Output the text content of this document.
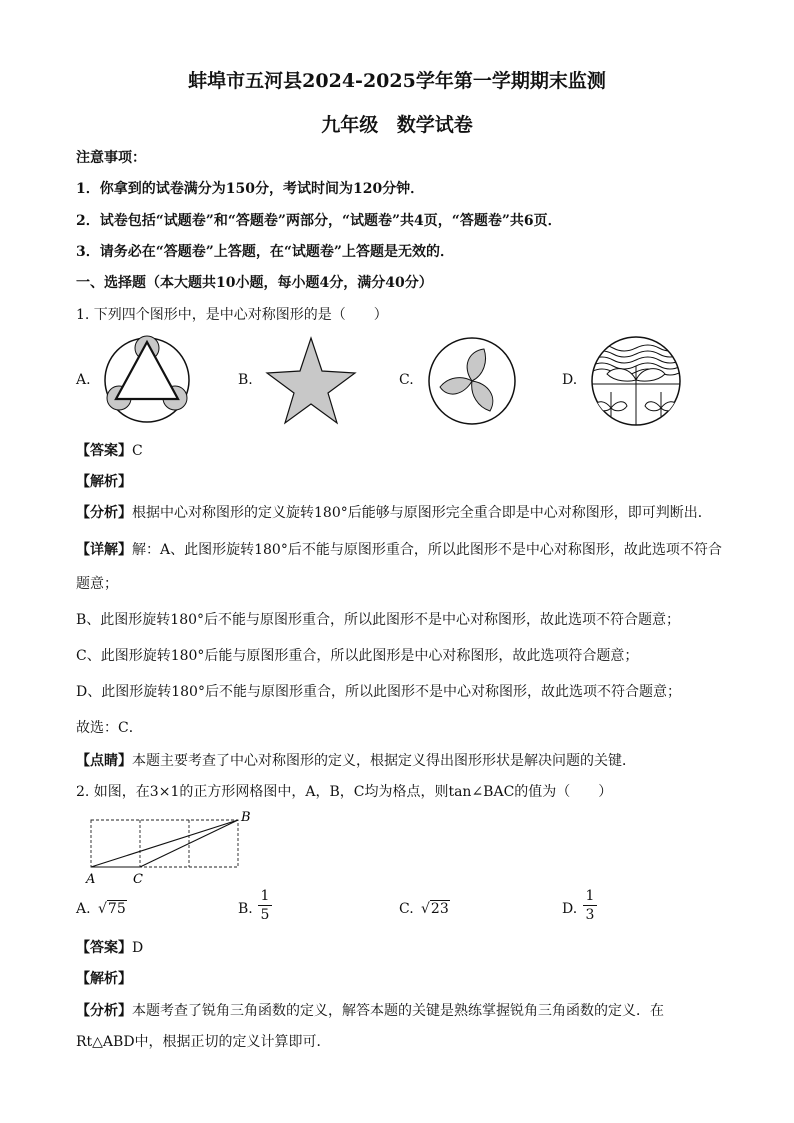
蚌埠市五河县2024-2025学年第一学期期末监测
九年级 数学试卷
注意事项：
1．你拿到的试卷满分为150分，考试时间为120分钟．
2．试卷包括“试题卷”和“答题卷”两部分，“试题卷”共4页，“答题卷”共6页．
3．请务必在“答题卷”上答题，在“试题卷”上答题是无效的．
一、选择题（本大题共10小题，每小题4分，满分40分）
1. 下列四个图形中，是中心对称图形的是（　　）
A.	B.	C.	D.
【答案】C
【解析】
【分析】根据中心对称图形的定义旋转180°后能够与原图形完全重合即是中心对称图形，即可判断出．
【详解】解：A、此图形旋转180°后不能与原图形重合，所以此图形不是中心对称图形，故此选项不符合
题意；
B、此图形旋转180°后不能与原图形重合，所以此图形不是中心对称图形，故此选项不符合题意；
C、此图形旋转180°后能与原图形重合，所以此图形是中心对称图形，故此选项符合题意；
D、此图形旋转180°后不能与原图形重合，所以此图形不是中心对称图形，故此选项不符合题意；
故选：C．
【点睛】本题主要考查了中心对称图形的定义，根据定义得出图形形状是解决问题的关键．
2. 如图，在3×1的正方形网格图中，A，B，C均为格点，则tan∠BAC的值为（　　）
A	C
B
A. √75	B.
1
5	C. √23	D.
1
3
【答案】D
【解析】
【分析】本题考查了锐角三角函数的定义，解答本题的关键是熟练掌握锐角三角函数的定义．在
Rt△ABD中，根据正切的定义计算即可．
